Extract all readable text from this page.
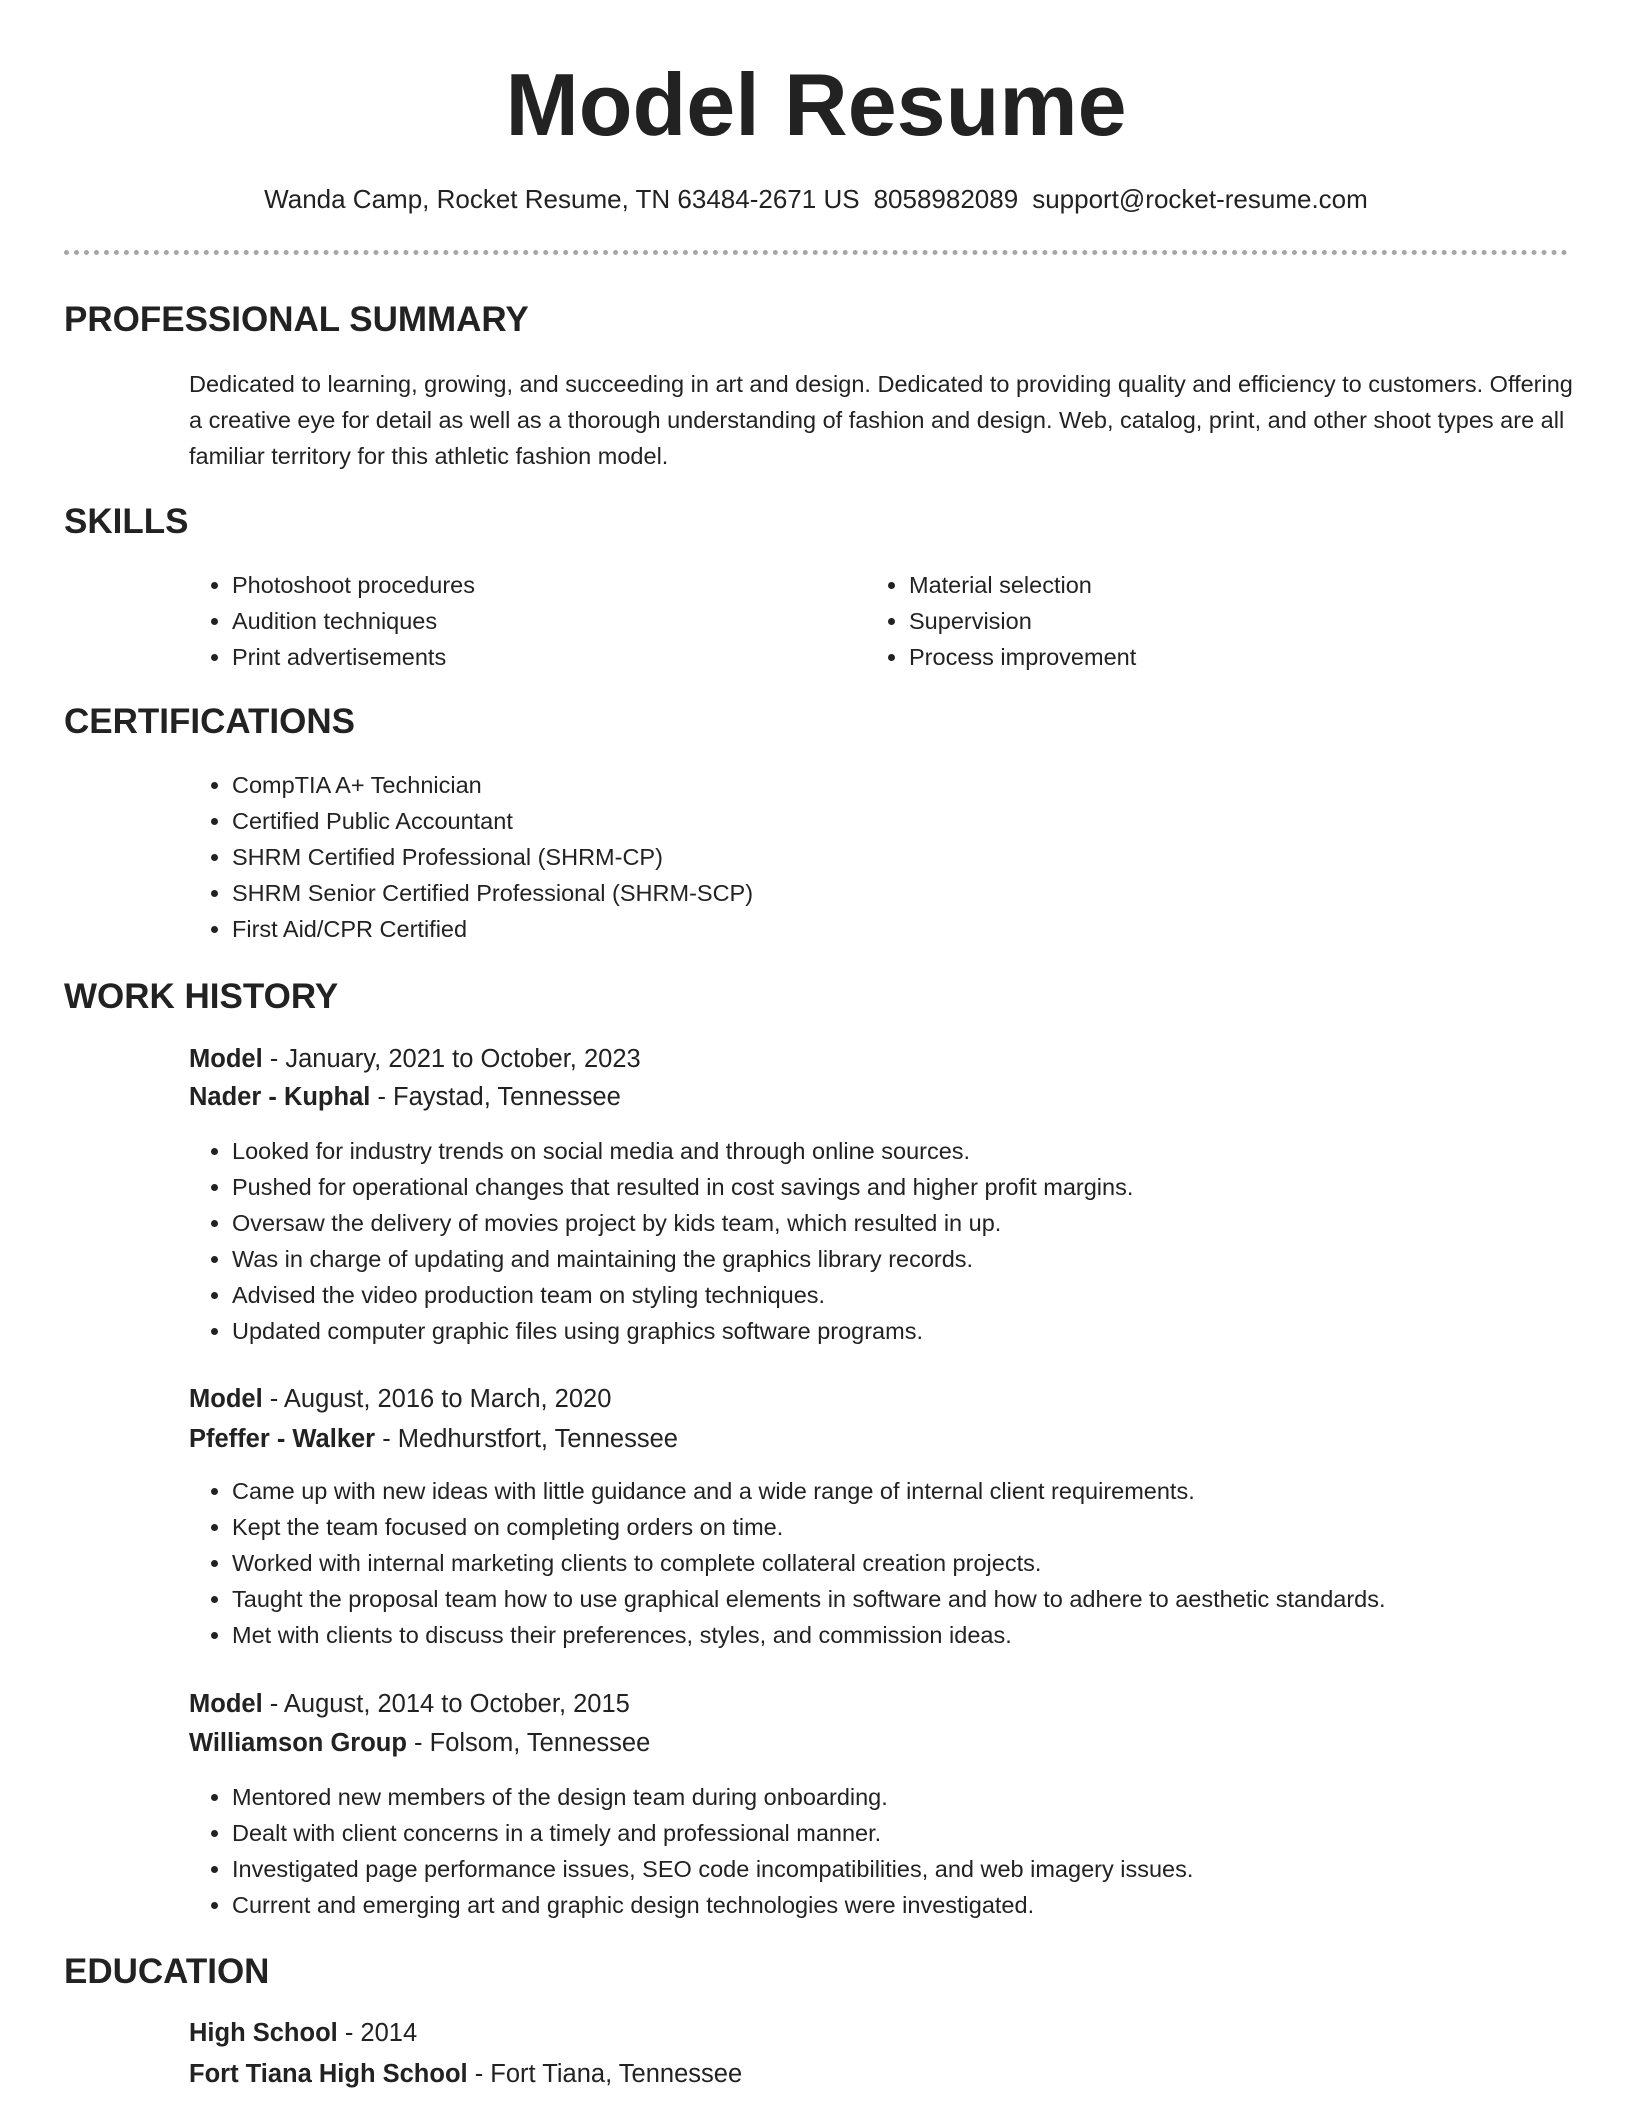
Model Resume
Wanda Camp, Rocket Resume, TN 63484-2671 US 8058982089 support@rocket-resume.com
PROFESSIONAL SUMMARY

Dedicated to learning, growing, and succeeding in art and design. Dedicated to providing quality and efficiency to customers. Offering a creative eye for detail as well as a thorough understanding of fashion and design. Web, catalog, print, and other shoot types are all familiar territory for this athletic fashion model.

SKILLS
• Photoshoot procedures
• Audition techniques
• Print advertisements
• Material selection
• Supervision
• Process improvement
CERTIFICATIONS
• CompTIA A+ Technician
• Certified Public Accountant
• SHRM Certified Professional (SHRM-CP)
• SHRM Senior Certified Professional (SHRM-SCP)
• First Aid/CPR Certified
WORK HISTORY
Model - January, 2021 to October, 2023
Nader - Kuphal - Faystad, Tennessee
• Looked for industry trends on social media and through online sources.
• Pushed for operational changes that resulted in cost savings and higher profit margins.
• Oversaw the delivery of movies project by kids team, which resulted in up.
• Was in charge of updating and maintaining the graphics library records.
• Advised the video production team on styling techniques.
• Updated computer graphic files using graphics software programs.
Model - August, 2016 to March, 2020
Pfeffer - Walker - Medhurstfort, Tennessee
• Came up with new ideas with little guidance and a wide range of internal client requirements.
• Kept the team focused on completing orders on time.
• Worked with internal marketing clients to complete collateral creation projects.
• Taught the proposal team how to use graphical elements in software and how to adhere to aesthetic standards.
• Met with clients to discuss their preferences, styles, and commission ideas.
Model - August, 2014 to October, 2015
Williamson Group - Folsom, Tennessee
• Mentored new members of the design team during onboarding.
• Dealt with client concerns in a timely and professional manner.
• Investigated page performance issues, SEO code incompatibilities, and web imagery issues.
• Current and emerging art and graphic design technologies were investigated.
EDUCATION
High School - 2014
Fort Tiana High School - Fort Tiana, Tennessee
